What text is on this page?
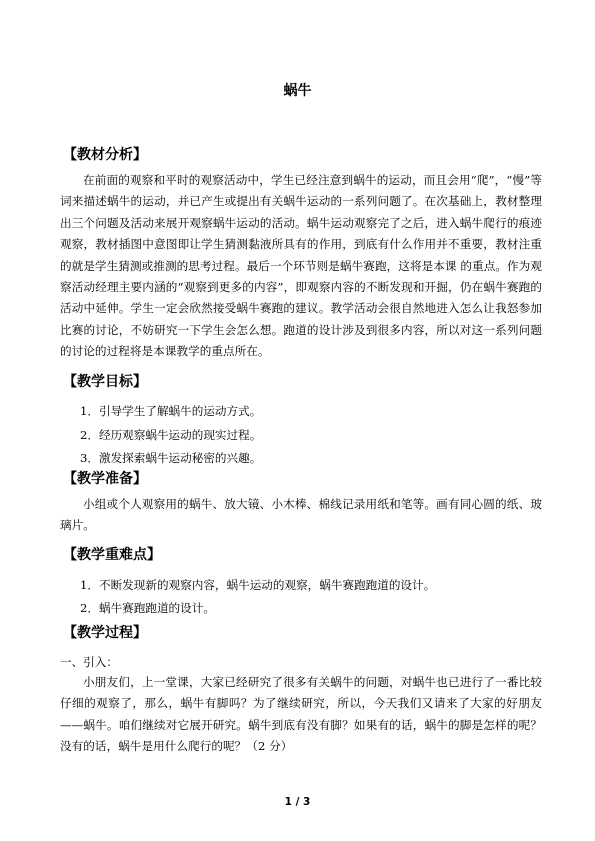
蜗牛
【教材分析】

在前面的观察和平时的观察活动中，学生已经注意到蜗牛的运动，而且会用“爬”，“慢”等词来描述蜗牛的运动，并已产生或提出有关蜗牛运动的一系列问题了。在次基础上，教材整理出三个问题及活动来展开观察蜗牛运动的活动。蜗牛运动观察完了之后，进入蜗牛爬行的痕迹观察，教材插图中意图即让学生猜测黏液所具有的作用，到底有什么作用并不重要，教材注重的就是学生猜测或推测的思考过程。最后一个环节则是蜗牛赛跑，这将是本课 的重点。作为观察活动经理主要内涵的“观察到更多的内容”，即观察内容的不断发现和开掘，仍在蜗牛赛跑的活动中延伸。学生一定会欣然接受蜗牛赛跑的建议。教学活动会很自然地进入怎么让我怒参加比赛的讨论，不妨研究一下学生会怎么想。跑道的设计涉及到很多内容，所以对这一系列问题的讨论的过程将是本课教学的重点所在。

【教学目标】
1．引导学生了解蜗牛的运动方式。
2．经历观察蜗牛运动的现实过程。
3．激发探索蜗牛运动秘密的兴趣。
【教学准备】

小组或个人观察用的蜗牛、放大镜、小木棒、棉线记录用纸和笔等。画有同心圆的纸、玻璃片。

【教学重难点】
1．不断发现新的观察内容，蜗牛运动的观察，蜗牛赛跑跑道的设计。
2．蜗牛赛跑跑道的设计。
【教学过程】
一、引入：

小朋友们，上一堂课，大家已经研究了很多有关蜗牛的问题，对蜗牛也已进行了一番比较仔细的观察了，那么，蜗牛有脚吗？为了继续研究，所以，今天我们又请来了大家的好朋友——蜗牛。咱们继续对它展开研究。蜗牛到底有没有脚？如果有的话，蜗牛的脚是怎样的呢？没有的话，蜗牛是用什么爬行的呢？（2 分）

1 / 3
